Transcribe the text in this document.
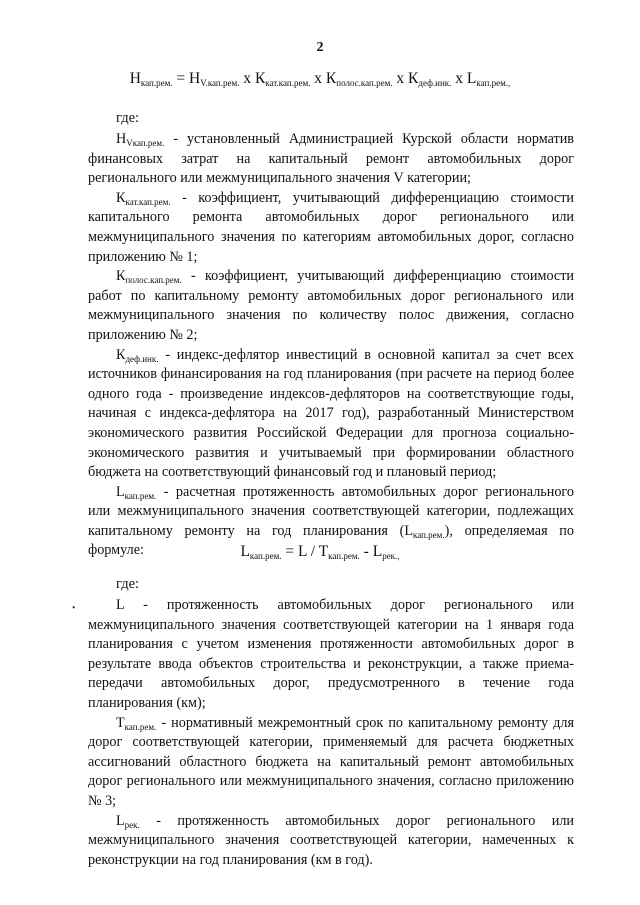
2
$Н_{кап.рем.} = Н_{V.кап.рем.}$ х $К_{кат.кап.рем.}$ х $К_{полос.кап.рем.}$ х $К_{деф.инк.}$ х $L_{кап.рем.,}$
где:

$Н_{Vкап.рем.}$ - установленный Администрацией Курской области норматив финансовых затрат на капитальный ремонт автомобильных дорог регионального или межмуниципального значения V категории;

$К_{кат.кап.рем.}$ - коэффициент, учитывающий дифференциацию стоимости капитального ремонта автомобильных дорог регионального или межмуниципального значения по категориям автомобильных дорог, согласно приложению № 1;

$К_{полос.кап.рем.}$ - коэффициент, учитывающий дифференциацию стоимости работ по капитальному ремонту автомобильных дорог регионального или межмуниципального значения по количеству полос движения, согласно приложению № 2;

$К_{деф.инк.}$ - индекс-дефлятор инвестиций в основной капитал за счет всех источников финансирования на год планирования (при расчете на период более одного года - произведение индексов-дефляторов на соответствующие годы, начиная с индекса-дефлятора на 2017 год), разработанный Министерством экономического развития Российской Федерации для прогноза социально-экономического развития и учитываемый при формировании областного бюджета на соответствующий финансовый год и плановый период;

$L_{кап.рем.}$ - расчетная протяженность автомобильных дорог регионального или межмуниципального значения соответствующей категории, подлежащих капитальному ремонту на год планирования $(L_{кап.рем.})$, определяемая по формуле:	$L_{кап.рем.} = L / T_{кап.рем.} - L_{рек.,}$
где:
•	L - протяженность автомобильных дорог регионального или межмуниципального значения соответствующей категории на 1 января года планирования с учетом изменения протяженности автомобильных дорог в результате ввода объектов строительства и реконструкции, а также приема-передачи автомобильных дорог, предусмотренного в течение года планирования (км);

$T_{кап.рем.}$ - нормативный межремонтный срок по капитальному ремонту для дорог соответствующей категории, применяемый для расчета бюджетных ассигнований областного бюджета на капитальный ремонт автомобильных дорог регионального или межмуниципального значения, согласно приложению № 3;

$L_{рек.}$ - протяженность автомобильных дорог регионального или межмуниципального значения соответствующей категории, намеченных к реконструкции на год планирования (км в год).
